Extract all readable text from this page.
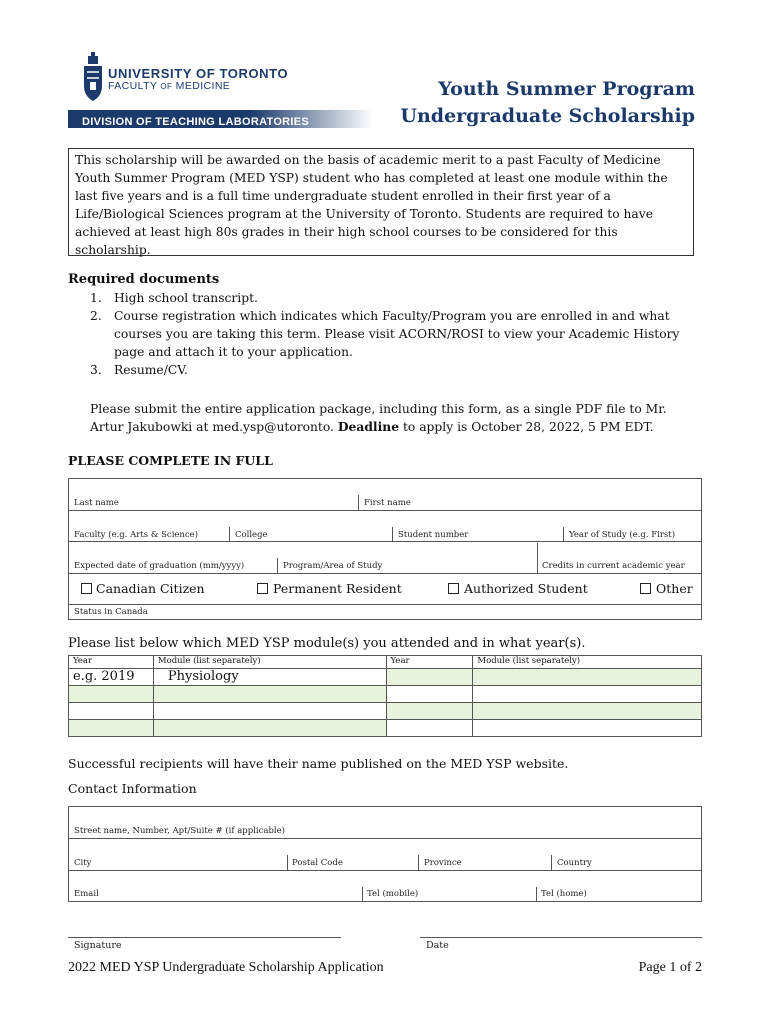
UNIVERSITY OF TORONTO
FACULTY OF MEDICINE
DIVISION OF TEACHING LABORATORIES
Youth Summer Program
Undergraduate Scholarship
This scholarship will be awarded on the basis of academic merit to a past Faculty of Medicine Youth Summer Program (MED YSP) student who has completed at least one module within the last five years and is a full time undergraduate student enrolled in their first year of a Life/Biological Sciences program at the University of Toronto. Students are required to have achieved at least high 80s grades in their high school courses to be considered for this scholarship.
Required documents
1. High school transcript.
2. Course registration which indicates which Faculty/Program you are enrolled in and what courses you are taking this term. Please visit ACORN/ROSI to view your Academic History page and attach it to your application.
3. Resume/CV.
Please submit the entire application package, including this form, as a single PDF file to Mr. Artur Jakubowki at med.ysp@utoronto. Deadline to apply is October 28, 2022, 5 PM EDT.
PLEASE COMPLETE IN FULL
Last name	First name
Faculty (e.g. Arts & Science)	College	Student number	Year of Study (e.g. First)
Expected date of graduation (mm/yyyy)	Program/Area of Study	Credits in current academic year
Canadian Citizen	Permanent Resident	Authorized Student	Other
Status in Canada
Please list below which MED YSP module(s) you attended and in what year(s).
Year	Module (list separately)	Year	Module (list separately)
e.g. 2019	Physiology		

Successful recipients will have their name published on the MED YSP website.
Contact Information
Street name, Number, Apt/Suite # (if applicable)
City	Postal Code	Province	Country
Email	Tel (mobile)	Tel (home)
Signature	Date
2022 MED YSP Undergraduate Scholarship Application	Page 1 of 2
